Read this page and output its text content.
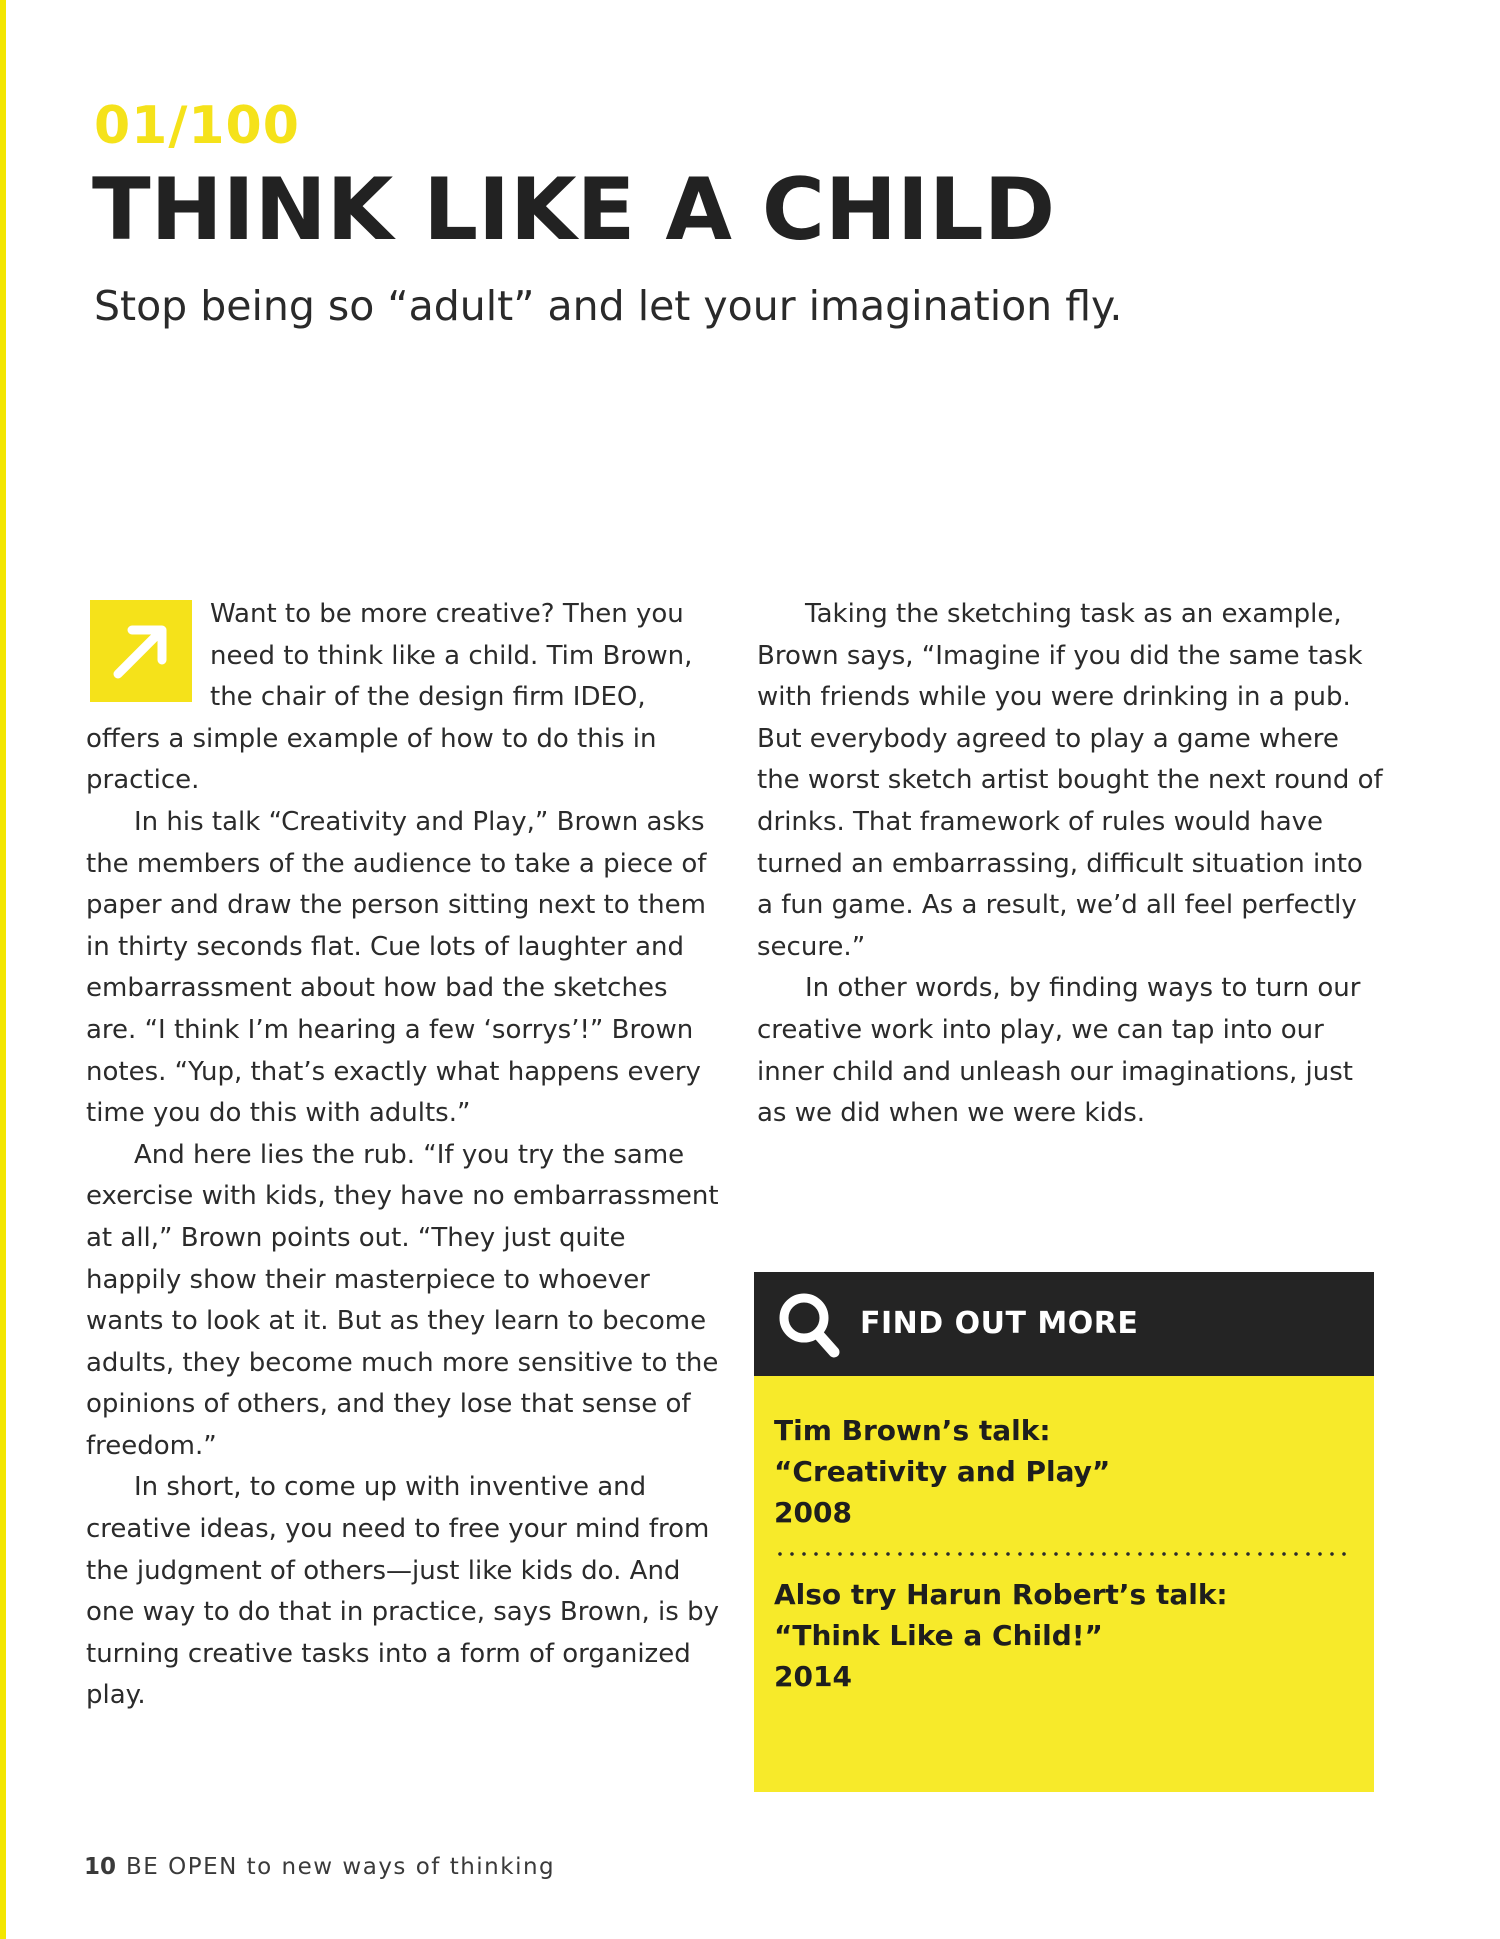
01/100
THINK LIKE A CHILD
Stop being so “adult” and let your imagination fly.

Want to be more creative? Then you need to think like a child. Tim Brown, the chair of the design firm IDEO, offers a simple example of how to do this in practice.

In his talk “Creativity and Play,” Brown asks the members of the audience to take a piece of paper and draw the person sitting next to them in thirty seconds flat. Cue lots of laughter and embarrassment about how bad the sketches are. “I think I’m hearing a few ‘sorrys’!” Brown notes. “Yup, that’s exactly what happens every time you do this with adults.”

And here lies the rub. “If you try the same exercise with kids, they have no embarrassment at all,” Brown points out. “They just quite happily show their masterpiece to whoever wants to look at it. But as they learn to become adults, they become much more sensitive to the opinions of others, and they lose that sense of freedom.”

In short, to come up with inventive and creative ideas, you need to free your mind from the judgment of others—just like kids do. And one way to do that in practice, says Brown, is by turning creative tasks into a form of organized play.

Taking the sketching task as an example, Brown says, “Imagine if you did the same task with friends while you were drinking in a pub. But everybody agreed to play a game where the worst sketch artist bought the next round of drinks. That framework of rules would have turned an embarrassing, difficult situation into a fun game. As a result, we’d all feel perfectly secure.”

In other words, by finding ways to turn our creative work into play, we can tap into our inner child and unleash our imaginations, just as we did when we were kids.

FIND OUT MORE
Tim Brown’s talk:
“Creativity and Play”
2008
Also try Harun Robert’s talk:
“Think Like a Child!”
2014
10 BE OPEN to new ways of thinking
